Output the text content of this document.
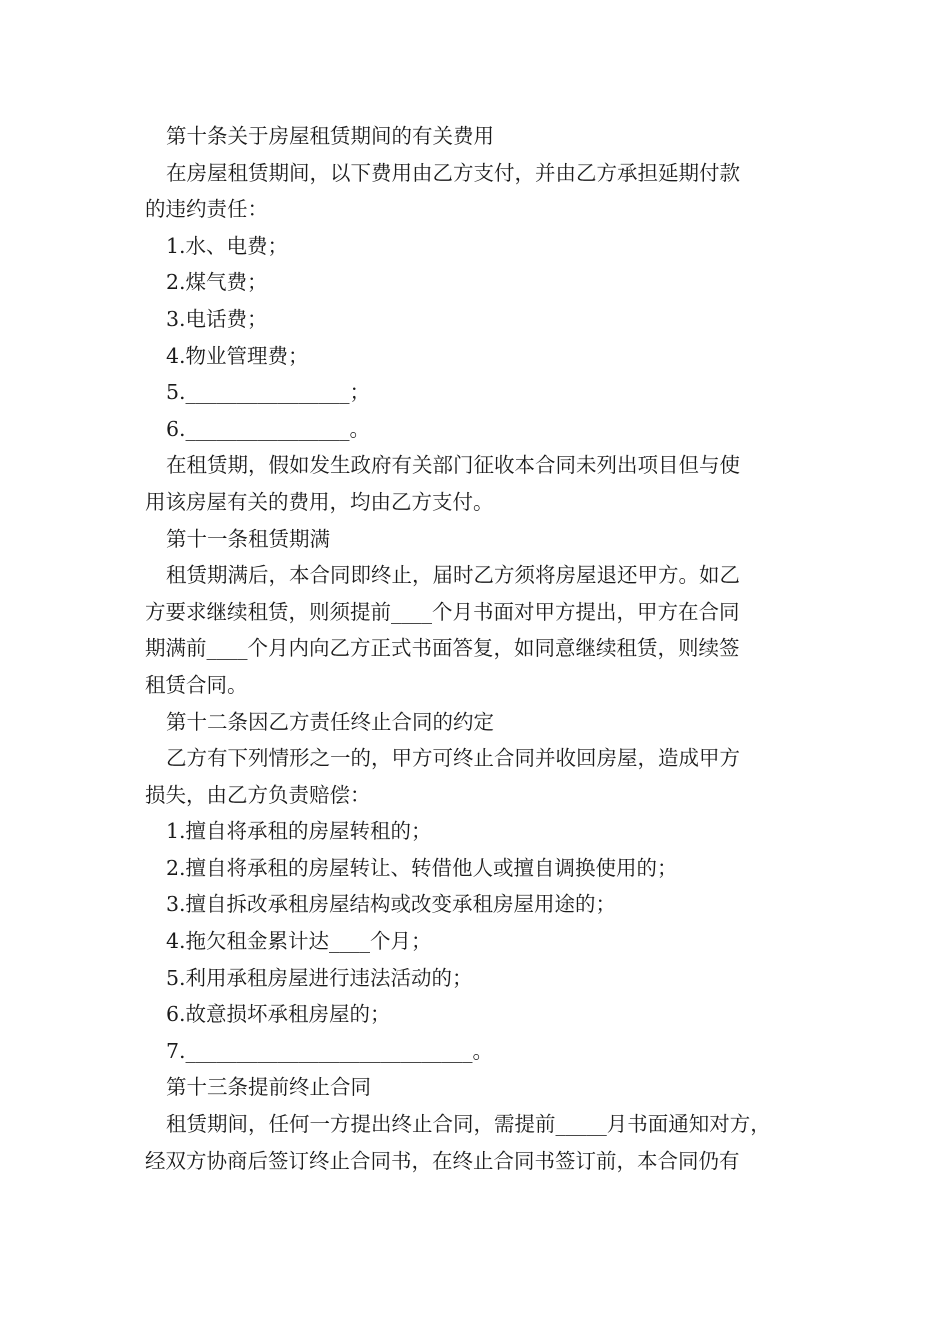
第十条关于房屋租赁期间的有关费用
在房屋租赁期间，以下费用由乙方支付，并由乙方承担延期付款
的违约责任：
1.水、电费；
2.煤气费；
3.电话费；
4.物业管理费；
5.________________；
6.________________。
在租赁期，假如发生政府有关部门征收本合同未列出项目但与使
用该房屋有关的费用，均由乙方支付。
第十一条租赁期满
租赁期满后，本合同即终止，届时乙方须将房屋退还甲方。如乙
方要求继续租赁，则须提前____个月书面对甲方提出，甲方在合同
期满前____个月内向乙方正式书面答复，如同意继续租赁，则续签
租赁合同。
第十二条因乙方责任终止合同的约定
乙方有下列情形之一的，甲方可终止合同并收回房屋，造成甲方
损失，由乙方负责赔偿：
1.擅自将承租的房屋转租的；
2.擅自将承租的房屋转让、转借他人或擅自调换使用的；
3.擅自拆改承租房屋结构或改变承租房屋用途的；
4.拖欠租金累计达____个月；
5.利用承租房屋进行违法活动的；
6.故意损坏承租房屋的；
7.____________________________。
第十三条提前终止合同
租赁期间，任何一方提出终止合同，需提前_____月书面通知对方，
经双方协商后签订终止合同书，在终止合同书签订前，本合同仍有
